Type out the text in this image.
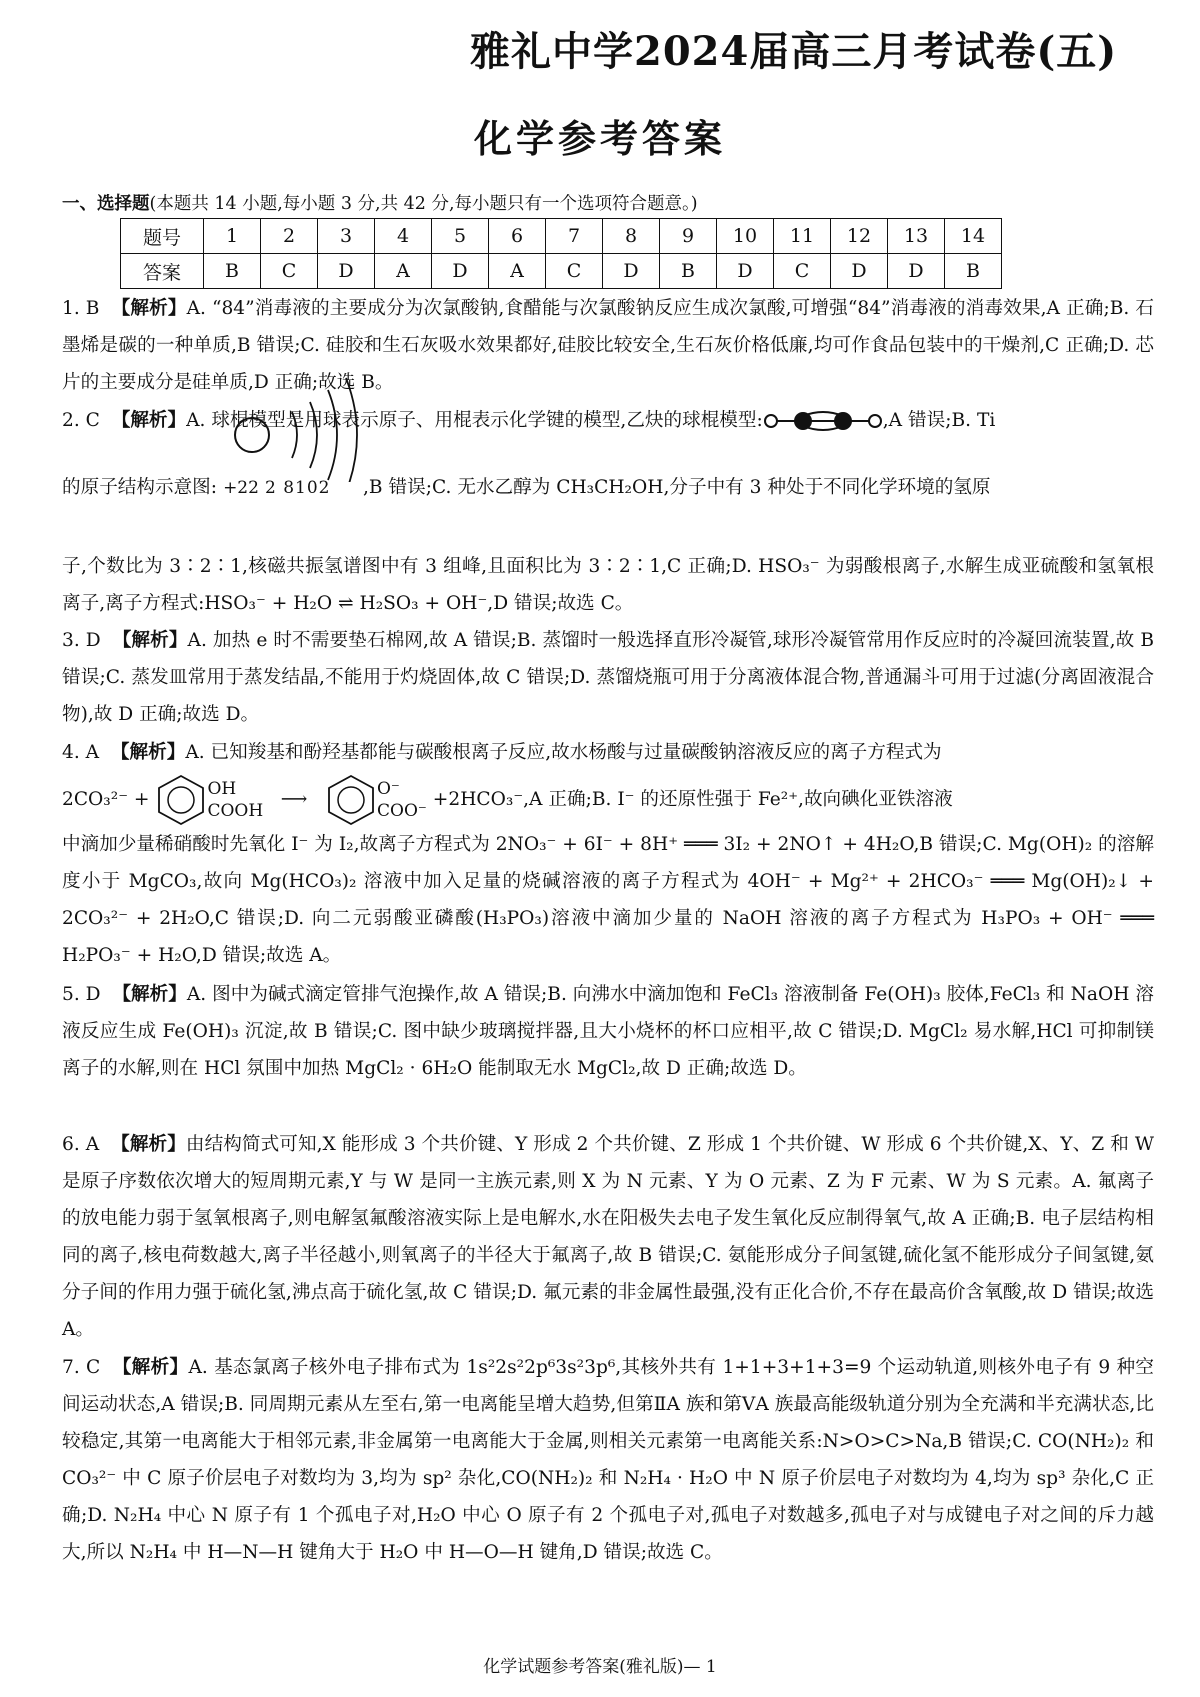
雅礼中学2024届高三月考试卷(五)
化学参考答案
一、选择题(本题共 14 小题,每小题 3 分,共 42 分,每小题只有一个选项符合题意。)
题号	1	2	3	4	5	6	7	8	9	10	11	12	13	14
答案	B	C	D	A	D	A	C	D	B	D	C	D	D	B
1. B 【解析】A. “84”消毒液的主要成分为次氯酸钠,食醋能与次氯酸钠反应生成次氯酸,可增强“84”消毒液的消毒效果,A 正确;B. 石墨烯是碳的一种单质,B 错误;C. 硅胶和生石灰吸水效果都好,硅胶比较安全,生石灰价格低廉,均可作食品包装中的干燥剂,C 正确;D. 芯片的主要成分是硅单质,D 正确;故选 B。
2. C 【解析】A. 球棍模型是用球表示原子、用棍表示化学键的模型,乙炔的球棍模型:	,A 错误;B. Ti
的原子结构示意图: +22 2 8102 ,B 错误;C. 无水乙醇为 CH₃CH₂OH,分子中有 3 种处于不同化学环境的氢原
子,个数比为 3∶2∶1,核磁共振氢谱图中有 3 组峰,且面积比为 3∶2∶1,C 正确;D. HSO₃⁻ 为弱酸根离子,水解生成亚硫酸和氢氧根离子,离子方程式:HSO₃⁻ + H₂O ⇌ H₂SO₃ + OH⁻,D 错误;故选 C。
3. D 【解析】A. 加热 e 时不需要垫石棉网,故 A 错误;B. 蒸馏时一般选择直形冷凝管,球形冷凝管常用作反应时的冷凝回流装置,故 B 错误;C. 蒸发皿常用于蒸发结晶,不能用于灼烧固体,故 C 错误;D. 蒸馏烧瓶可用于分离液体混合物,普通漏斗可用于过滤(分离固液混合物),故 D 正确;故选 D。
4. A 【解析】A. 已知羧基和酚羟基都能与碳酸根离子反应,故水杨酸与过量碳酸钠溶液反应的离子方程式为
2CO₃²⁻ +	OH
COOH ⟶	O⁻
COO⁻ +2HCO₃⁻,A 正确;B. I⁻ 的还原性强于 Fe²⁺,故向碘化亚铁溶液
中滴加少量稀硝酸时先氧化 I⁻ 为 I₂,故离子方程式为 2NO₃⁻ + 6I⁻ + 8H⁺ ═══ 3I₂ + 2NO↑ + 4H₂O,B 错误;C. Mg(OH)₂ 的溶解度小于 MgCO₃,故向 Mg(HCO₃)₂ 溶液中加入足量的烧碱溶液的离子方程式为 4OH⁻ + Mg²⁺ + 2HCO₃⁻ ═══ Mg(OH)₂↓ + 2CO₃²⁻ + 2H₂O,C 错误;D. 向二元弱酸亚磷酸(H₃PO₃)溶液中滴加少量的 NaOH 溶液的离子方程式为 H₃PO₃ + OH⁻ ═══ H₂PO₃⁻ + H₂O,D 错误;故选 A。
5. D 【解析】A. 图中为碱式滴定管排气泡操作,故 A 错误;B. 向沸水中滴加饱和 FeCl₃ 溶液制备 Fe(OH)₃ 胶体,FeCl₃ 和 NaOH 溶液反应生成 Fe(OH)₃ 沉淀,故 B 错误;C. 图中缺少玻璃搅拌器,且大小烧杯的杯口应相平,故 C 错误;D. MgCl₂ 易水解,HCl 可抑制镁离子的水解,则在 HCl 氛围中加热 MgCl₂ · 6H₂O 能制取无水 MgCl₂,故 D 正确;故选 D。
6. A 【解析】由结构简式可知,X 能形成 3 个共价键、Y 形成 2 个共价键、Z 形成 1 个共价键、W 形成 6 个共价键,X、Y、Z 和 W 是原子序数依次增大的短周期元素,Y 与 W 是同一主族元素,则 X 为 N 元素、Y 为 O 元素、Z 为 F 元素、W 为 S 元素。A. 氟离子的放电能力弱于氢氧根离子,则电解氢氟酸溶液实际上是电解水,水在阳极失去电子发生氧化反应制得氧气,故 A 正确;B. 电子层结构相同的离子,核电荷数越大,离子半径越小,则氧离子的半径大于氟离子,故 B 错误;C. 氨能形成分子间氢键,硫化氢不能形成分子间氢键,氨分子间的作用力强于硫化氢,沸点高于硫化氢,故 C 错误;D. 氟元素的非金属性最强,没有正化合价,不存在最高价含氧酸,故 D 错误;故选 A。
7. C 【解析】A. 基态氯离子核外电子排布式为 1s²2s²2p⁶3s²3p⁶,其核外共有 1+1+3+1+3=9 个运动轨道,则核外电子有 9 种空间运动状态,A 错误;B. 同周期元素从左至右,第一电离能呈增大趋势,但第ⅡA 族和第ⅤA 族最高能级轨道分别为全充满和半充满状态,比较稳定,其第一电离能大于相邻元素,非金属第一电离能大于金属,则相关元素第一电离能关系:N>O>C>Na,B 错误;C. CO(NH₂)₂ 和 CO₃²⁻ 中 C 原子价层电子对数均为 3,均为 sp² 杂化,CO(NH₂)₂ 和 N₂H₄ · H₂O 中 N 原子价层电子对数均为 4,均为 sp³ 杂化,C 正确;D. N₂H₄ 中心 N 原子有 1 个孤电子对,H₂O 中心 O 原子有 2 个孤电子对,孤电子对数越多,孤电子对与成键电子对之间的斥力越大,所以 N₂H₄ 中 H—N—H 键角大于 H₂O 中 H—O—H 键角,D 错误;故选 C。
化学试题参考答案(雅礼版)— 1
